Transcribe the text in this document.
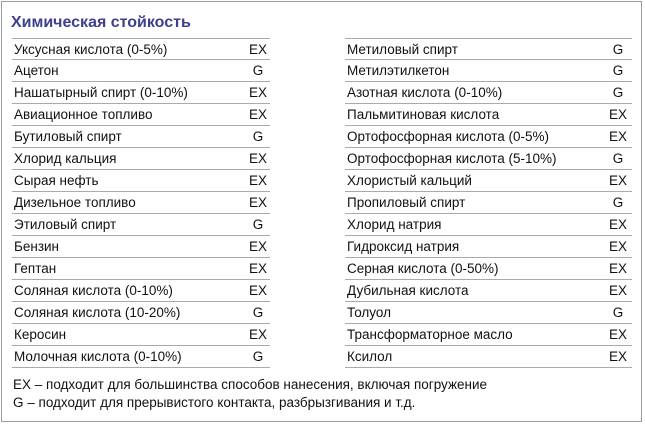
Химическая стойкость
Уксусная кислота (0-5%)	EX
Ацетон	G
Нашатырный спирт (0-10%)	EX
Авиационное топливо	EX
Бутиловый спирт	G
Хлорид кальция	EX
Сырая нефть	EX
Дизельное топливо	EX
Этиловый спирт	G
Бензин	EX
Гептан	EX
Соляная кислота (0-10%)	EX
Соляная кислота (10-20%)	G
Керосин	EX
Молочная кислота (0-10%)	G
Метиловый спирт	G
Метилэтилкетон	G
Азотная кислота (0-10%)	G
Пальмитиновая кислота	EX
Ортофосфорная кислота (0-5%)	EX
Ортофосфорная кислота (5-10%)	G
Хлористый кальций	EX
Пропиловый спирт	G
Хлорид натрия	EX
Гидроксид натрия	EX
Серная кислота (0-50%)	EX
Дубильная кислота	EX
Толуол	G
Трансформаторное масло	EX
Ксилол	EX
EX – подходит для большинства способов нанесения, включая погружение
G – подходит для прерывистого контакта, разбрызгивания и т.д.
